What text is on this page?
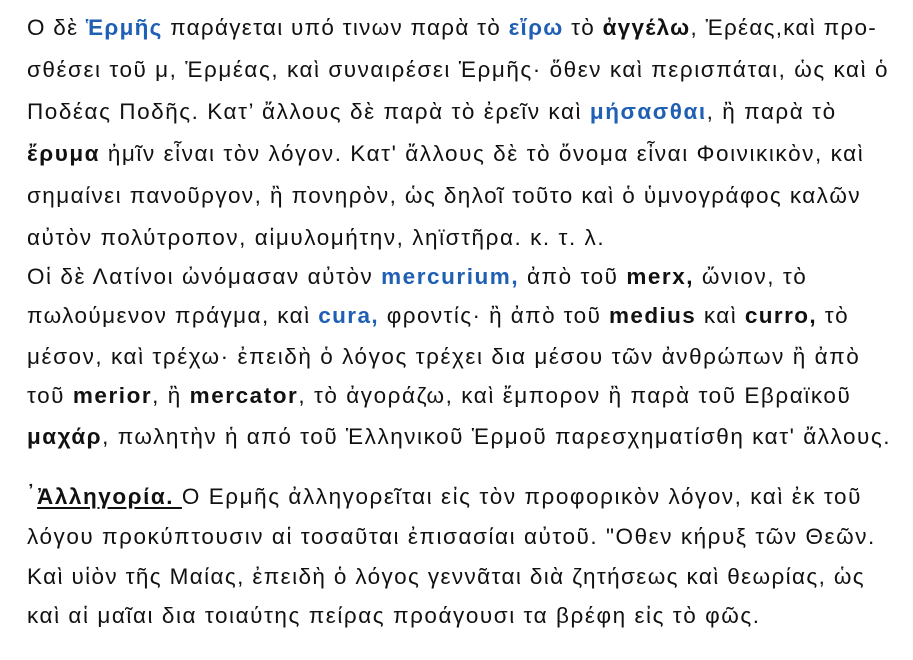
Ο δὲ Ἑρμῆς παράγεται υπό τινων παρὰ τὸ εἴρω τὸ ἀγγέλω, Ἐρέας,καὶ προ-
σθέσει τοῦ μ, Ἑρμέας, καὶ συναιρέσει Ἑρμῆς· ὅθεν καὶ περισπάται, ὡς καὶ ὁ
Ποδέας Ποδῆς. Κατ’ ἄλλους δὲ παρὰ τὸ ἐρεῖν καὶ μήσασθαι, ἢ παρὰ τὸ
ἔρυμα ἠμῖν εἶναι τὸν λόγον. Κατ' ἄλλους δὲ τὸ ὄνομα εἶναι Φοινικικὸν, καὶ
σημαίνει πανοῦργον, ἢ πονηρὸν, ὡς δηλοῖ τοῦτο καὶ ὁ ὑμνογράφος καλῶν
αὐτὸν πολύτροπον, αἱμυλομήτην, ληϊστῆρα. κ. τ. λ.
Οἱ δὲ Λατίνοι ὠνόμασαν αὐτὸν mercurium, ἀπὸ τοῦ merx, ὤνιον, τὸ
πωλούμενον πράγμα, καὶ cura, φροντίς· ἢ ἀπὸ τοῦ medius καὶ curro, τὸ
μέσον, καὶ τρέχω· ἐπειδὴ ὁ λόγος τρέχει δια μέσου τῶν ἀνθρώπων ἢ ἀπὸ
τοῦ merior, ἢ mercator, τὸ ἀγοράζω, καὶ ἔμπορον ἢ παρὰ τοῦ Εβραϊκοῦ
μαχάρ, πωλητὴν ἡ από τοῦ Ἑλληνικοῦ Ἑρμοῦ παρεσχηματίσθη κατ' ἄλλους.
᾿Ἀλληγορία. Ο Ερμῆς ἀλληγορεῖται εἰς τὸν προφορικὸν λόγον, καὶ ἐκ τοῦ
λόγου προκύπτουσιν αἱ τοσαῦται ἐπισασίαι αὐτοῦ. "Οθεν κήρυξ τῶν Θεῶν.
Καὶ υἱὸν τῆς Μαίας, ἐπειδὴ ὁ λόγος γεννᾶται διὰ ζητήσεως καὶ θεωρίας, ὡς
καὶ αἱ μαῖαι δια τοιαύτης πείρας προάγουσι τα βρέφη εἰς τὸ φῶς.
